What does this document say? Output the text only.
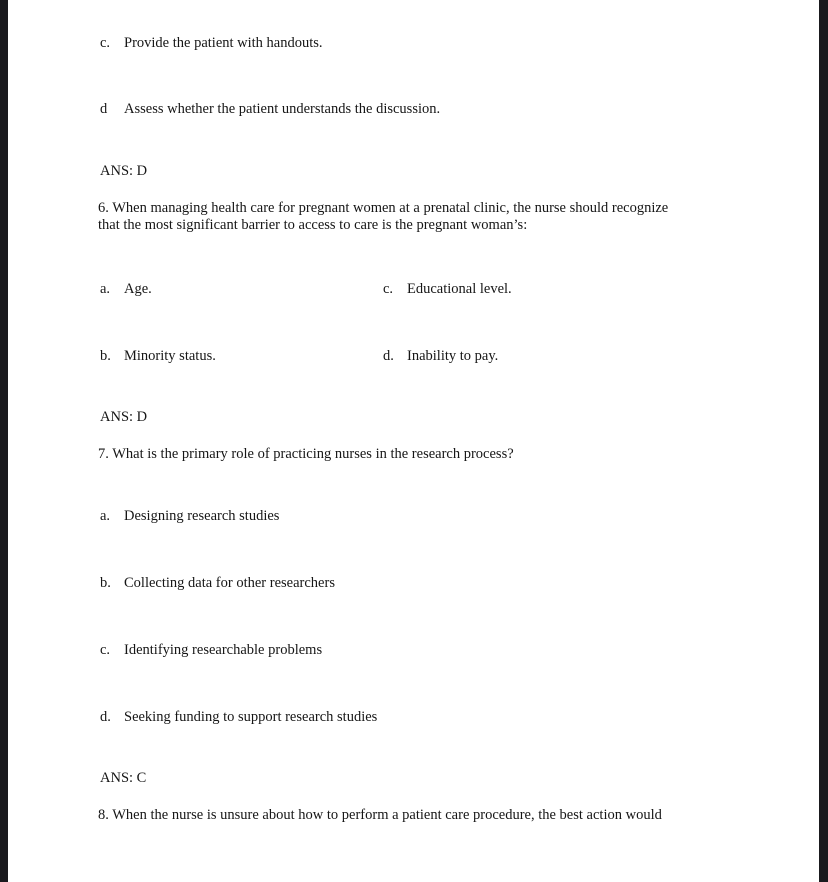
c. Provide the patient with handouts.
d	Assess whether the patient understands the discussion.
ANS: D
6. When managing health care for pregnant women at a prenatal clinic, the nurse should recognize that the most significant barrier to access to care is the pregnant woman’s:
a. Age.	c. Educational level.
b. Minority status.	d. Inability to pay.
ANS: D
7. What is the primary role of practicing nurses in the research process?
a. Designing research studies
b. Collecting data for other researchers
c. Identifying researchable problems
d. Seeking funding to support research studies
ANS: C
8. When the nurse is unsure about how to perform a patient care procedure, the best action would
